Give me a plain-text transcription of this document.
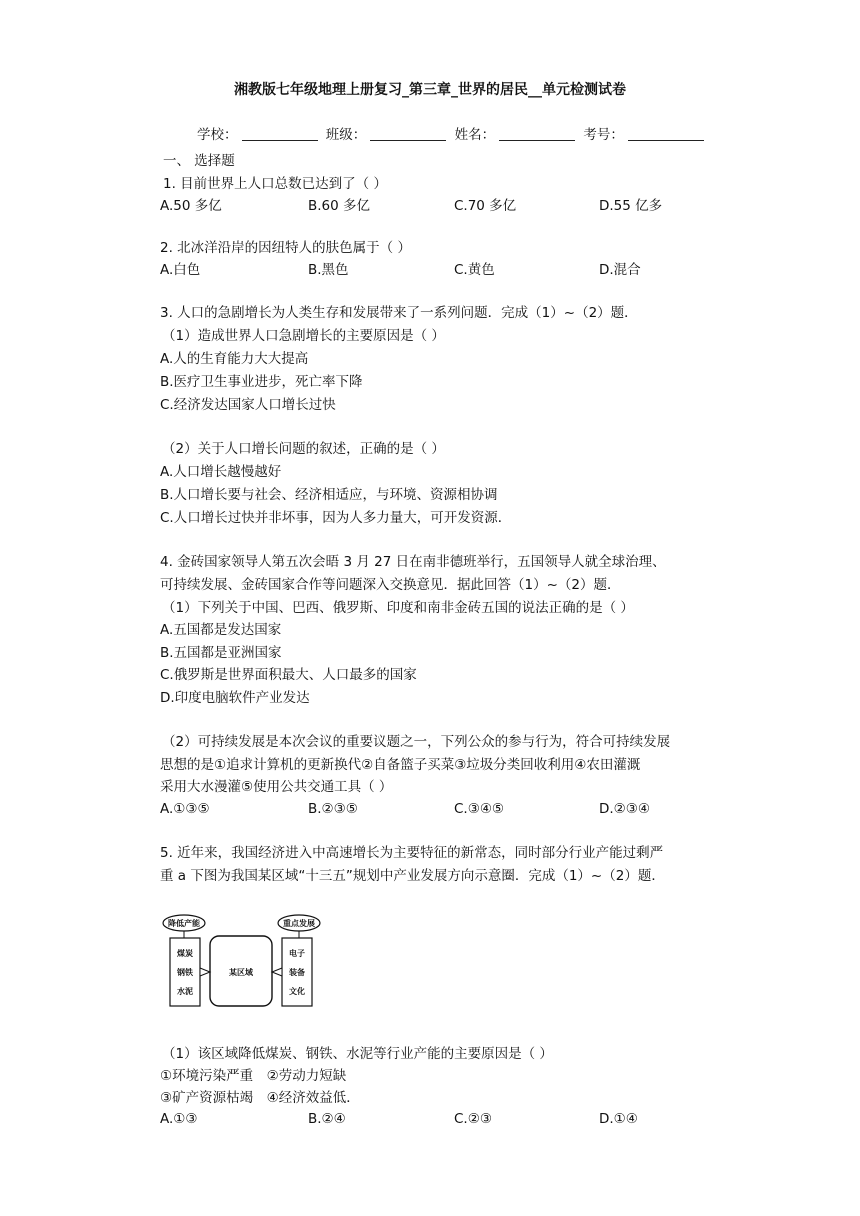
湘教版七年级地理上册复习_第三章_世界的居民__单元检测试卷
学校：	班级：	姓名：	考号：
一、 选择题
1. 目前世界上人口总数已达到了（ ）
A.50 多亿	B.60 多亿	C.70 多亿	D.55 亿多
2. 北冰洋沿岸的因纽特人的肤色属于（ ）
A.白色	B.黑色	C.黄色	D.混合
3. 人口的急剧增长为人类生存和发展带来了一系列问题．完成（1）~（2）题．
（1）造成世界人口急剧增长的主要原因是（ ）
A.人的生育能力大大提高
B.医疗卫生事业进步，死亡率下降
C.经济发达国家人口增长过快
（2）关于人口增长问题的叙述，正确的是（ ）
A.人口增长越慢越好
B.人口增长要与社会、经济相适应，与环境、资源相协调
C.人口增长过快并非坏事，因为人多力量大，可开发资源．
4. 金砖国家领导人第五次会晤 3 月 27 日在南非德班举行，五国领导人就全球治理、
可持续发展、金砖国家合作等问题深入交换意见．据此回答（1）~（2）题．
（1）下列关于中国、巴西、俄罗斯、印度和南非金砖五国的说法正确的是（ ）
A.五国都是发达国家
B.五国都是亚洲国家
C.俄罗斯是世界面积最大、人口最多的国家
D.印度电脑软件产业发达
（2）可持续发展是本次会议的重要议题之一，下列公众的参与行为，符合可持续发展
思想的是①追求计算机的更新换代②自备篮子买菜③垃圾分类回收利用④农田灌溉
采用大水漫灌⑤使用公共交通工具（ ）
A.①③⑤	B.②③⑤	C.③④⑤	D.②③④
5. 近年来，我国经济进入中高速增长为主要特征的新常态，同时部分行业产能过剩严
重 a 下图为我国某区域“十三五”规划中产业发展方向示意圈．完成（1）~（2）题．
降低产能	重点发展
煤炭
钢铁
水泥
某区域
电子
装备
文化
（1）该区域降低煤炭、钢铁、水泥等行业产能的主要原因是（ ）
①环境污染严重　②劳动力短缺
③矿产资源枯竭　④经济效益低．
A.①③	B.②④	C.②③	D.①④
